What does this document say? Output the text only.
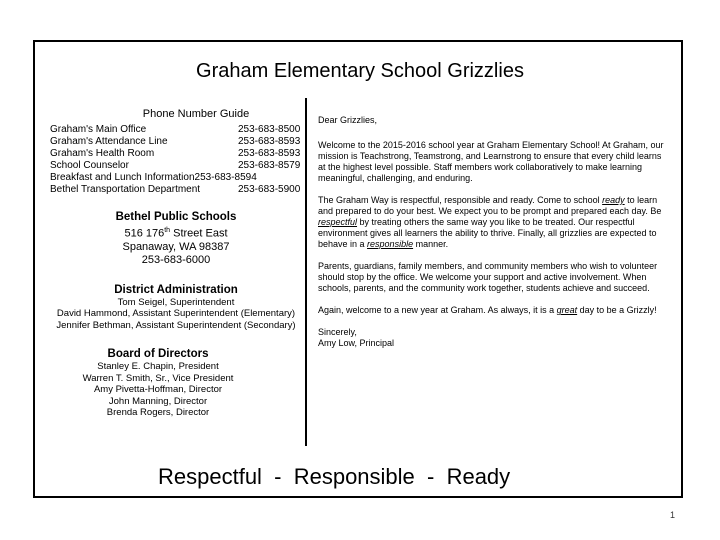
Graham Elementary School Grizzlies
Phone Number Guide
Graham's Main Office	253-683-8500
Graham's Attendance Line	253-683-8593
Graham's Health Room	253-683-8593
School Counselor	253-683-8579
Breakfast and Lunch Information 253-683-8594
Bethel Transportation Department	253-683-5900
Bethel Public Schools
516 176th Street East
Spanaway, WA 98387
253-683-6000
District Administration
Tom Seigel, Superintendent
David Hammond, Assistant Superintendent (Elementary)
Jennifer Bethman, Assistant Superintendent (Secondary)
Board of Directors
Stanley E. Chapin, President
Warren T. Smith, Sr., Vice President
Amy Pivetta-Hoffman, Director
John Manning, Director
Brenda Rogers, Director

Dear Grizzlies,

Welcome to the 2015-2016 school year at Graham Elementary School! At Graham, our mission is Teachstrong, Teamstrong, and Learnstrong to ensure that every child learns at the highest level possible. Staff members work collaboratively to make learning meaningful, challenging, and enduring.

The Graham Way is respectful, responsible and ready. Come to school ready to learn and prepared to do your best. We expect you to be prompt and prepared each day. Be respectful by treating others the same way you like to be treated. Our respectful environment gives all learners the ability to thrive. Finally, all grizzlies are expected to behave in a responsible manner.

Parents, guardians, family members, and community members who wish to volunteer should stop by the office. We welcome your support and active involvement. When schools, parents, and the community work together, students achieve and succeed.

Again, welcome to a new year at Graham. As always, it is a great day to be a Grizzly!

Sincerely,

Amy Low, Principal

Respectful  -  Responsible  -  Ready
1
